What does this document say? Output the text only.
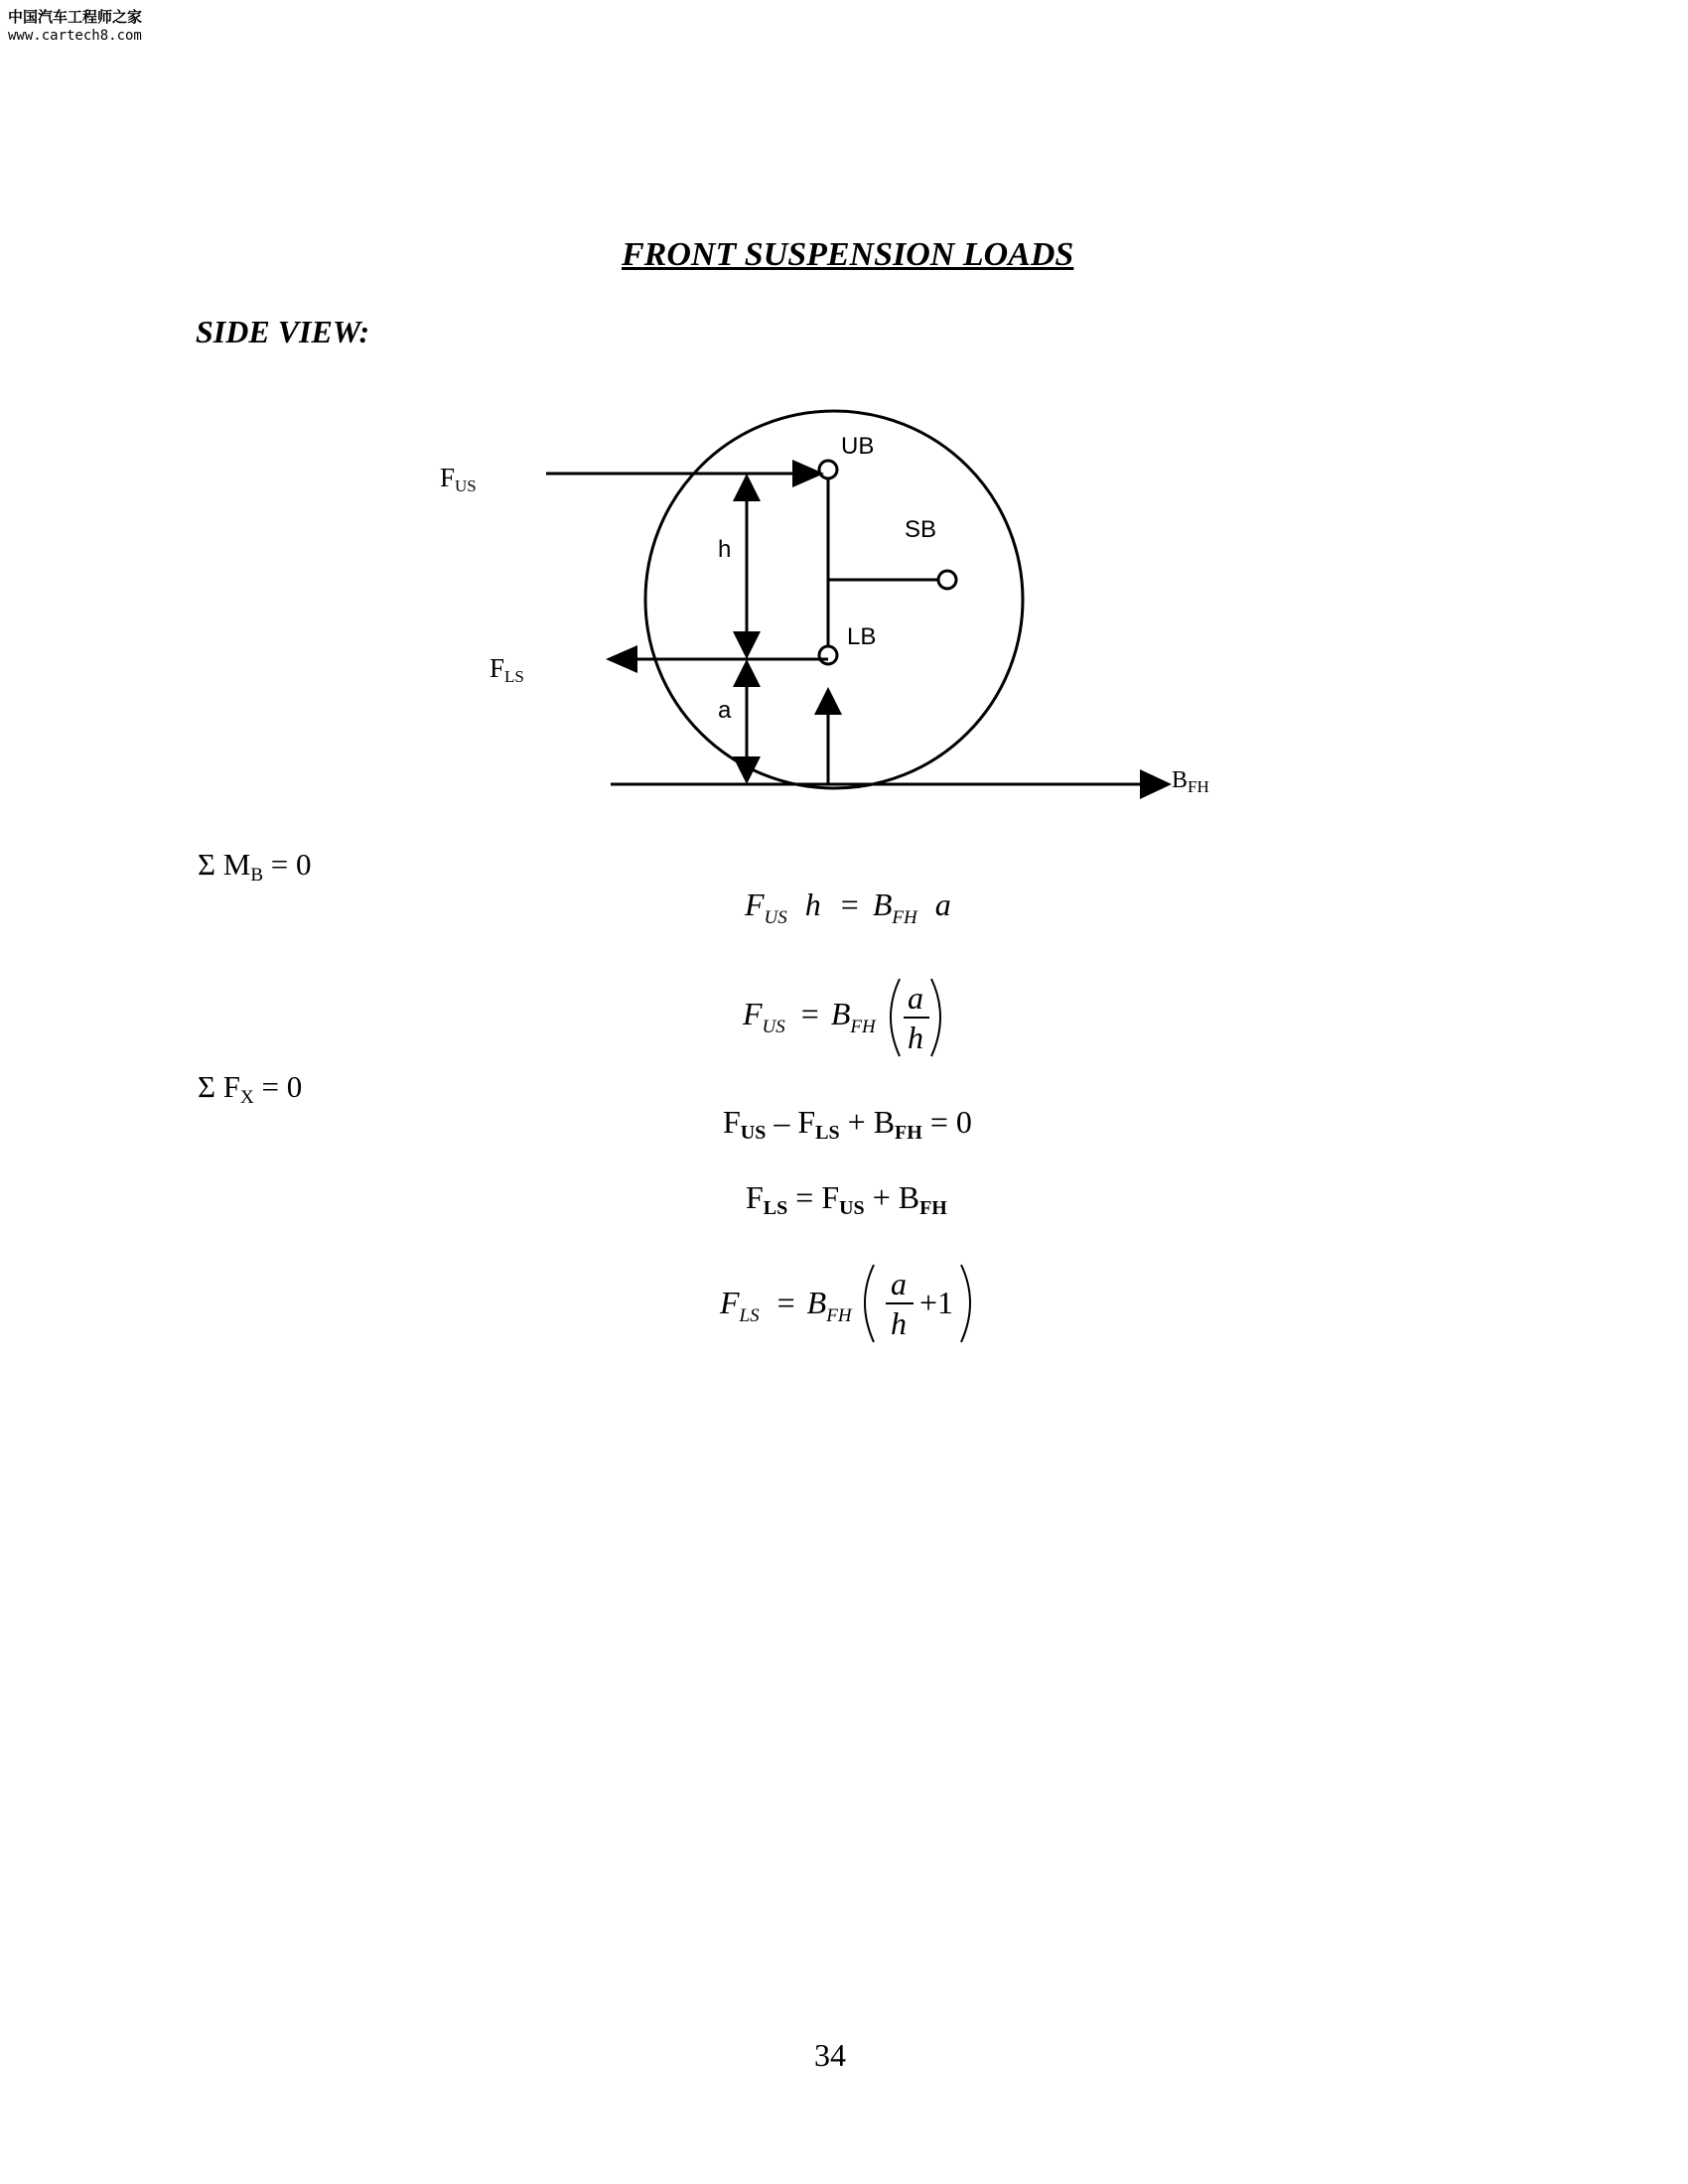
中国汽车工程师之家
www.cartech8.com
FRONT SUSPENSION LOADS
SIDE VIEW:
$F_{US}$
$F_{LS}$
$B_{FH}$
UB
SB
LB
h
a
Σ $M_B = 0$
Σ $F_X = 0$
$F_{US}$ $h = B_{FH}$ a
$F_{US} = B_{FH}$
a
h
$F_{US} - F_{LS} + B_{FH} = 0$
$F_{LS} = F_{US} + B_{FH}$
$F_{LS} = B_{FH}$
a
h
+1
34
